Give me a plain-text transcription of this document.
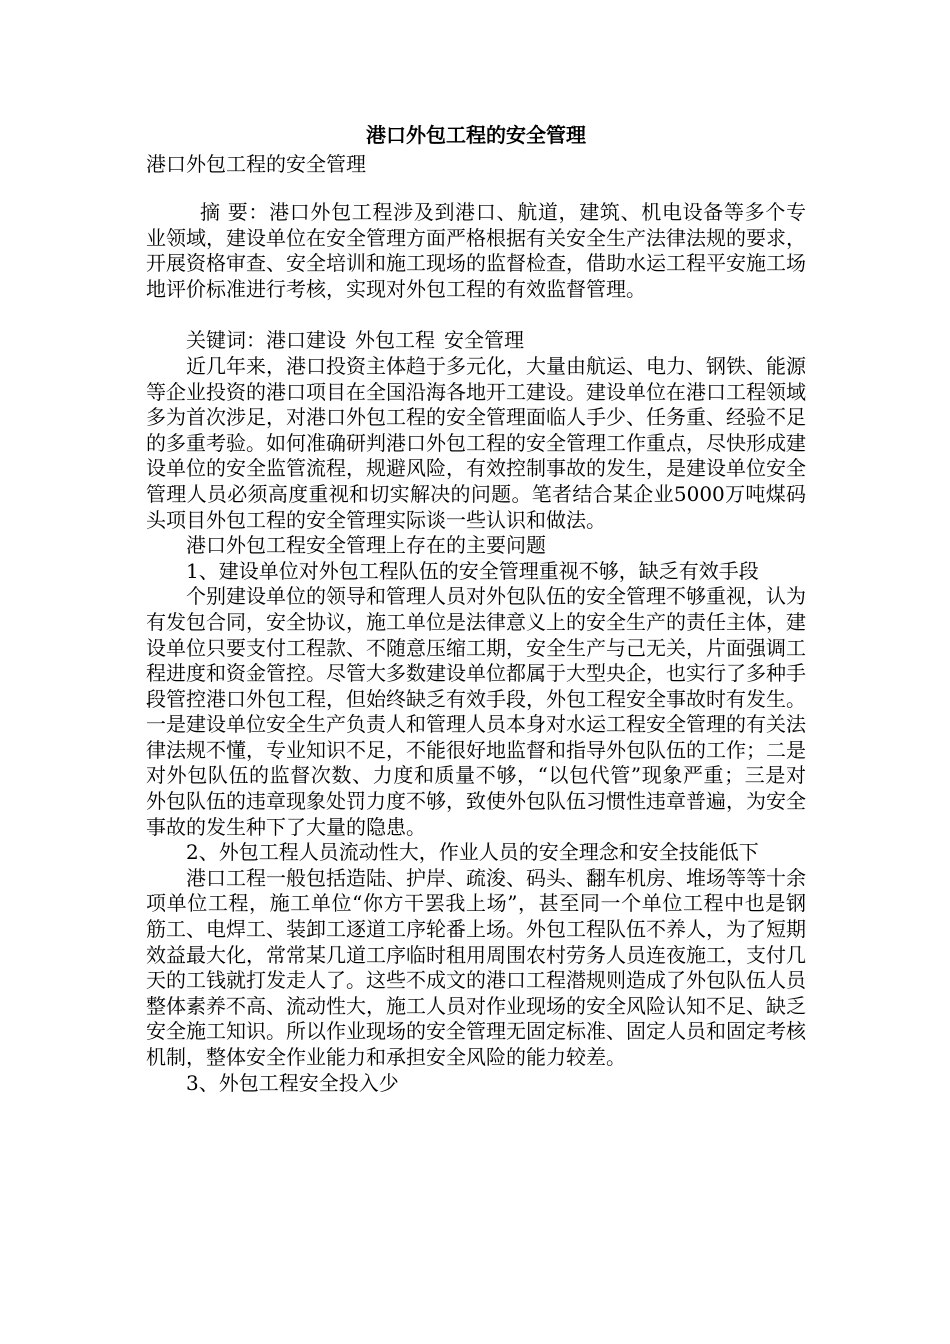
港口外包工程的安全管理

港口外包工程的安全管理

摘 要：港口外包工程涉及到港口、航道，建筑、机电设备等多个专业领域，建设单位在安全管理方面严格根据有关安全生产法律法规的要求，开展资格审查、安全培训和施工现场的监督检查，借助水运工程平安施工场地评价标准进行考核，实现对外包工程的有效监督管理。

关键词：港口建设 外包工程 安全管理

近几年来，港口投资主体趋于多元化，大量由航运、电力、钢铁、能源等企业投资的港口项目在全国沿海各地开工建设。建设单位在港口工程领域多为首次涉足，对港口外包工程的安全管理面临人手少、任务重、经验不足的多重考验。如何准确研判港口外包工程的安全管理工作重点，尽快形成建设单位的安全监管流程，规避风险，有效控制事故的发生，是建设单位安全管理人员必须高度重视和切实解决的问题。笔者结合某企业5000万吨煤码头项目外包工程的安全管理实际谈一些认识和做法。

港口外包工程安全管理上存在的主要问题

1、建设单位对外包工程队伍的安全管理重视不够，缺乏有效手段

个别建设单位的领导和管理人员对外包队伍的安全管理不够重视，认为有发包合同，安全协议，施工单位是法律意义上的安全生产的责任主体，建设单位只要支付工程款、不随意压缩工期，安全生产与己无关，片面强调工程进度和资金管控。尽管大多数建设单位都属于大型央企，也实行了多种手段管控港口外包工程，但始终缺乏有效手段，外包工程安全事故时有发生。一是建设单位安全生产负责人和管理人员本身对水运工程安全管理的有关法律法规不懂，专业知识不足，不能很好地监督和指导外包队伍的工作；二是对外包队伍的监督次数、力度和质量不够，“以包代管”现象严重；三是对外包队伍的违章现象处罚力度不够，致使外包队伍习惯性违章普遍，为安全事故的发生种下了大量的隐患。

2、外包工程人员流动性大，作业人员的安全理念和安全技能低下

港口工程一般包括造陆、护岸、疏浚、码头、翻车机房、堆场等等十余项单位工程，施工单位“你方干罢我上场”，甚至同一个单位工程中也是钢筋工、电焊工、装卸工逐道工序轮番上场。外包工程队伍不养人，为了短期效益最大化，常常某几道工序临时租用周围农村劳务人员连夜施工，支付几天的工钱就打发走人了。这些不成文的港口工程潜规则造成了外包队伍人员整体素养不高、流动性大，施工人员对作业现场的安全风险认知不足、缺乏安全施工知识。所以作业现场的安全管理无固定标准、固定人员和固定考核机制，整体安全作业能力和承担安全风险的能力较差。

3、外包工程安全投入少
